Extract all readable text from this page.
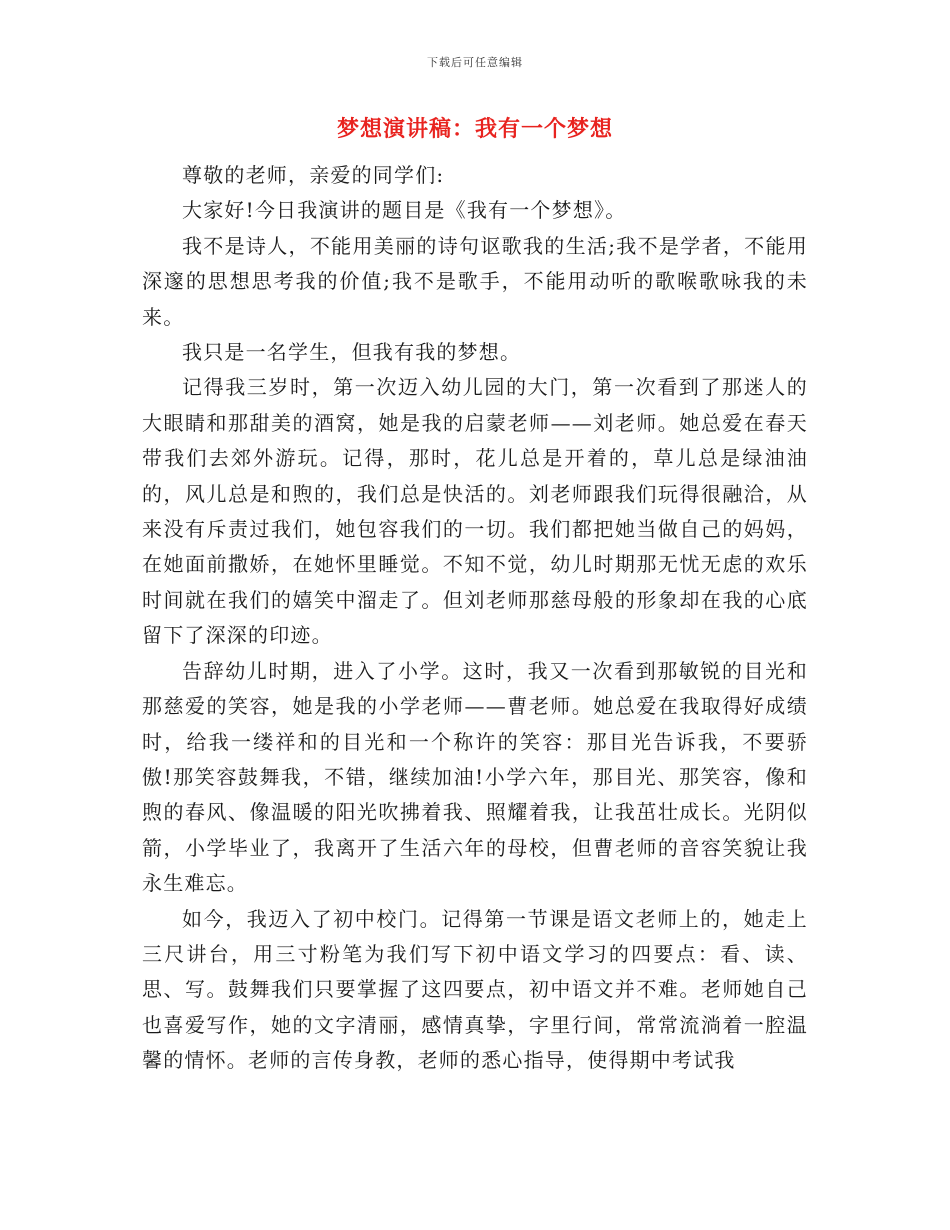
下载后可任意编辑
梦想演讲稿：我有一个梦想

尊敬的老师，亲爱的同学们:

大家好!今日我演讲的题目是《我有一个梦想》。

我不是诗人，不能用美丽的诗句讴歌我的生活;我不是学者，不能用深邃的思想思考我的价值;我不是歌手，不能用动听的歌喉歌咏我的未来。

我只是一名学生，但我有我的梦想。

记得我三岁时，第一次迈入幼儿园的大门，第一次看到了那迷人的大眼睛和那甜美的酒窝，她是我的启蒙老师——刘老师。她总爱在春天带我们去郊外游玩。记得，那时，花儿总是开着的，草儿总是绿油油的，风儿总是和煦的，我们总是快活的。刘老师跟我们玩得很融洽，从来没有斥责过我们，她包容我们的一切。我们都把她当做自己的妈妈，在她面前撒娇，在她怀里睡觉。不知不觉，幼儿时期那无忧无虑的欢乐时间就在我们的嬉笑中溜走了。但刘老师那慈母般的形象却在我的心底留下了深深的印迹。

告辞幼儿时期，进入了小学。这时，我又一次看到那敏锐的目光和那慈爱的笑容，她是我的小学老师——曹老师。她总爱在我取得好成绩时，给我一缕祥和的目光和一个称许的笑容：那目光告诉我，不要骄傲!那笑容鼓舞我，不错，继续加油!小学六年，那目光、那笑容，像和煦的春风、像温暖的阳光吹拂着我、照耀着我，让我茁壮成长。光阴似箭，小学毕业了，我离开了生活六年的母校，但曹老师的音容笑貌让我永生难忘。

如今，我迈入了初中校门。记得第一节课是语文老师上的，她走上三尺讲台，用三寸粉笔为我们写下初中语文学习的四要点：看、读、思、写。鼓舞我们只要掌握了这四要点，初中语文并不难。老师她自己也喜爱写作，她的文字清丽，感情真挚，字里行间，常常流淌着一腔温馨的情怀。老师的言传身教，老师的悉心指导，使得期中考试我
